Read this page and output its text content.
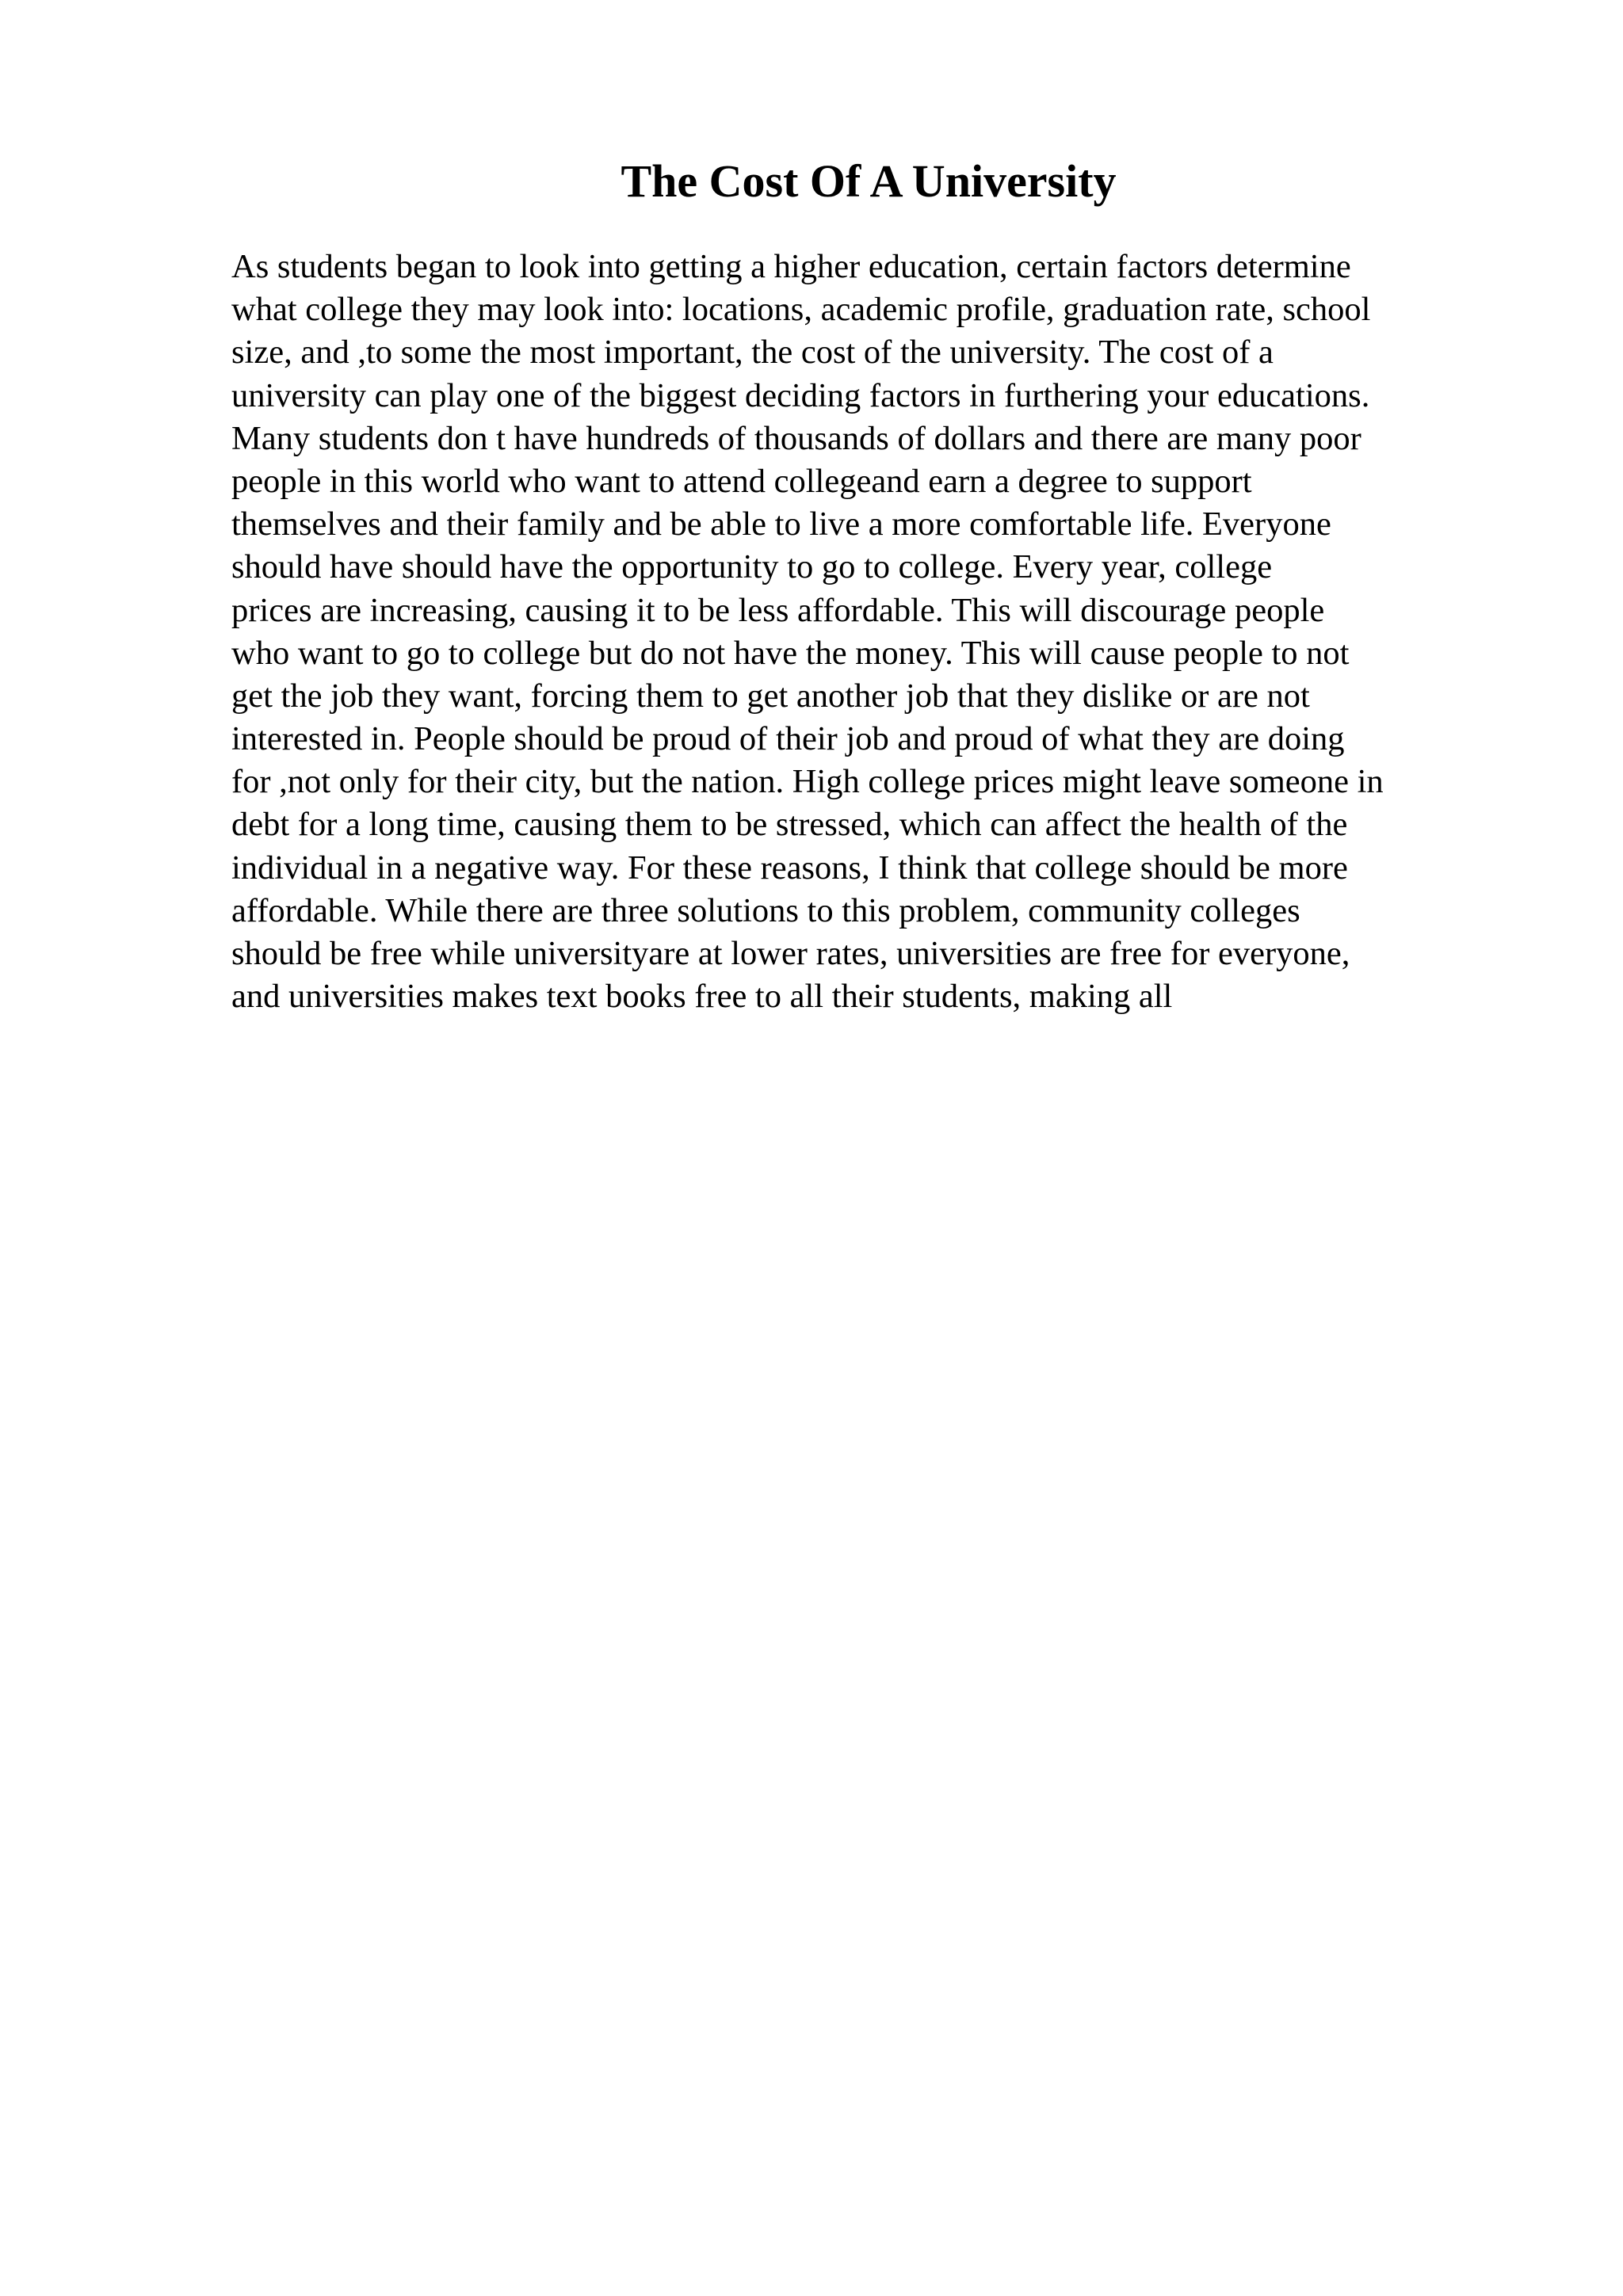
The Cost Of A University
As students began to look into getting a higher education, certain factors determine
what college they may look into: locations, academic profile, graduation rate, school
size, and ,to some the most important, the cost of the university. The cost of a
university can play one of the biggest deciding factors in furthering your educations.
Many students don t have hundreds of thousands of dollars and there are many poor
people in this world who want to attend collegeand earn a degree to support
themselves and their family and be able to live a more comfortable life. Everyone
should have should have the opportunity to go to college. Every year, college
prices are increasing, causing it to be less affordable. This will discourage people
who want to go to college but do not have the money. This will cause people to not
get the job they want, forcing them to get another job that they dislike or are not
interested in. People should be proud of their job and proud of what they are doing
for ,not only for their city, but the nation. High college prices might leave someone in
debt for a long time, causing them to be stressed, which can affect the health of the
individual in a negative way. For these reasons, I think that college should be more
affordable. While there are three solutions to this problem, community colleges
should be free while universityare at lower rates, universities are free for everyone,
and universities makes text books free to all their students, making all
